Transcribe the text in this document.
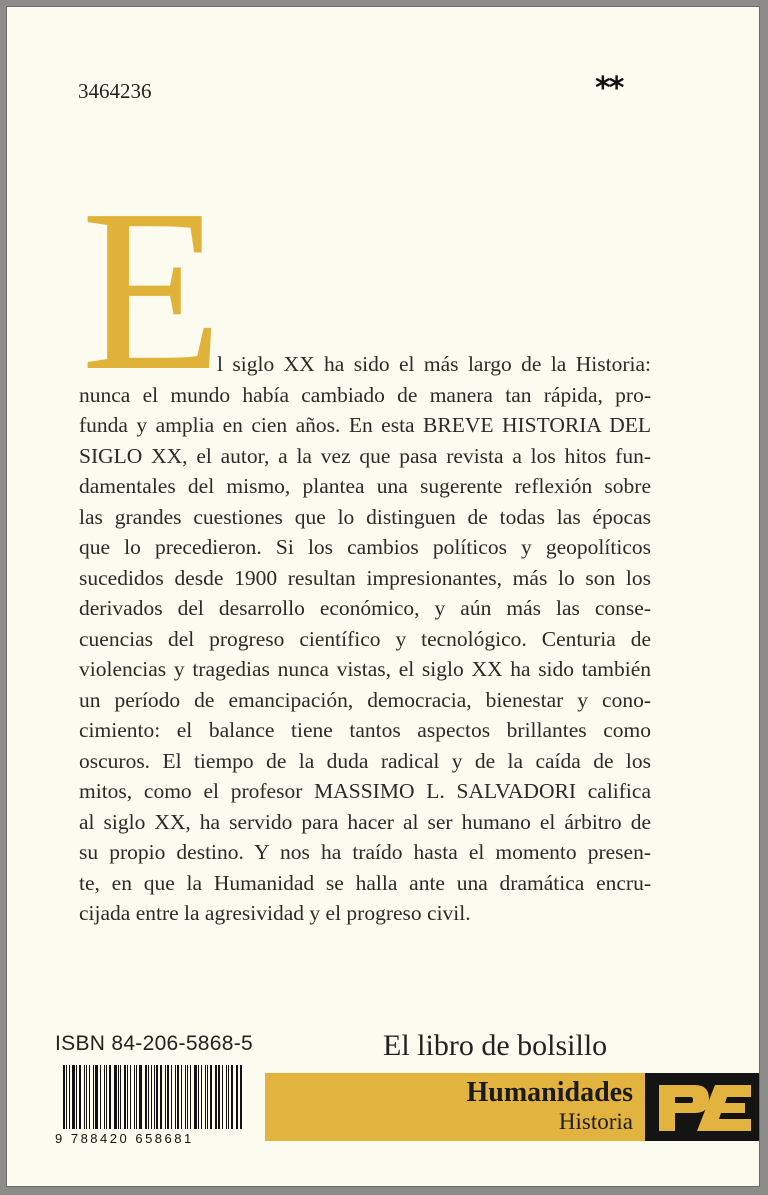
3464236	**
E

l siglo XX ha sido el más largo de la Historia:
nunca el mundo había cambiado de manera tan rápida, pro-
funda y amplia en cien años. En esta BREVE HISTORIA DEL
SIGLO XX, el autor, a la vez que pasa revista a los hitos fun-
damentales del mismo, plantea una sugerente reflexión sobre
las grandes cuestiones que lo distinguen de todas las épocas
que lo precedieron. Si los cambios políticos y geopolíticos
sucedidos desde 1900 resultan impresionantes, más lo son los
derivados del desarrollo económico, y aún más las conse-
cuencias del progreso científico y tecnológico. Centuria de
violencias y tragedias nunca vistas, el siglo XX ha sido también
un período de emancipación, democracia, bienestar y cono-
cimiento: el balance tiene tantos aspectos brillantes como
oscuros. El tiempo de la duda radical y de la caída de los
mitos, como el profesor MASSIMO L. SALVADORI califica
al siglo XX, ha servido para hacer al ser humano el árbitro de
su propio destino. Y nos ha traído hasta el momento presen-
te, en que la Humanidad se halla ante una dramática encru-
cijada entre la agresividad y el progreso civil.

ISBN 84-206-5868-5
9 788420 658681
El libro de bolsillo
Humanidades
Historia
